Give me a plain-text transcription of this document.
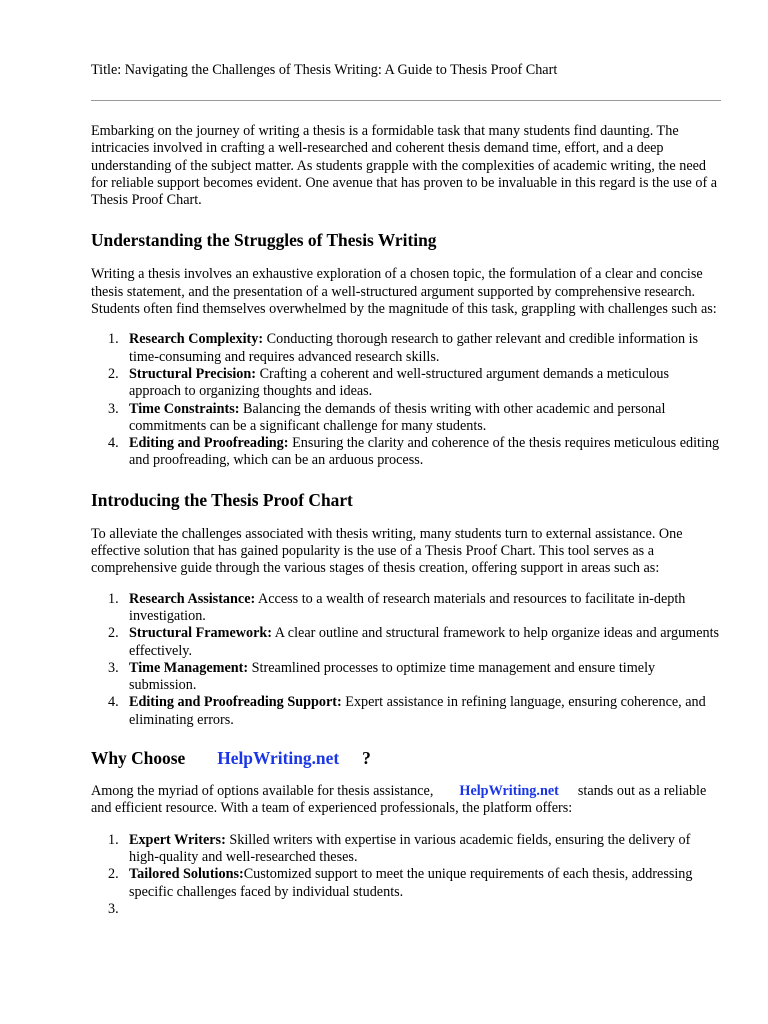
Title: Navigating the Challenges of Thesis Writing: A Guide to Thesis Proof Chart

Embarking on the journey of writing a thesis is a formidable task that many students find daunting. The intricacies involved in crafting a well-researched and coherent thesis demand time, effort, and a deep understanding of the subject matter. As students grapple with the complexities of academic writing, the need for reliable support becomes evident. One avenue that has proven to be invaluable in this regard is the use of a Thesis Proof Chart.

Understanding the Struggles of Thesis Writing

Writing a thesis involves an exhaustive exploration of a chosen topic, the formulation of a clear and concise thesis statement, and the presentation of a well-structured argument supported by comprehensive research. Students often find themselves overwhelmed by the magnitude of this task, grappling with challenges such as:

1. Research Complexity: Conducting thorough research to gather relevant and credible information is time-consuming and requires advanced research skills.
2. Structural Precision: Crafting a coherent and well-structured argument demands a meticulous approach to organizing thoughts and ideas.
3. Time Constraints: Balancing the demands of thesis writing with other academic and personal commitments can be a significant challenge for many students.
4. Editing and Proofreading: Ensuring the clarity and coherence of the thesis requires meticulous editing and proofreading, which can be an arduous process.
Introducing the Thesis Proof Chart

To alleviate the challenges associated with thesis writing, many students turn to external assistance. One effective solution that has gained popularity is the use of a Thesis Proof Chart. This tool serves as a comprehensive guide through the various stages of thesis creation, offering support in areas such as:

1. Research Assistance: Access to a wealth of research materials and resources to facilitate in-depth investigation.
2. Structural Framework: A clear outline and structural framework to help organize ideas and arguments effectively.
3. Time Management: Streamlined processes to optimize time management and ensure timely submission.
4. Editing and Proofreading Support: Expert assistance in refining language, ensuring coherence, and eliminating errors.
Why Choose HelpWriting.net ?

Among the myriad of options available for thesis assistance, HelpWriting.net stands out as a reliable and efficient resource. With a team of experienced professionals, the platform offers:

1. Expert Writers: Skilled writers with expertise in various academic fields, ensuring the delivery of high-quality and well-researched theses.
2. Tailored Solutions:Customized support to meet the unique requirements of each thesis, addressing specific challenges faced by individual students.
3.
